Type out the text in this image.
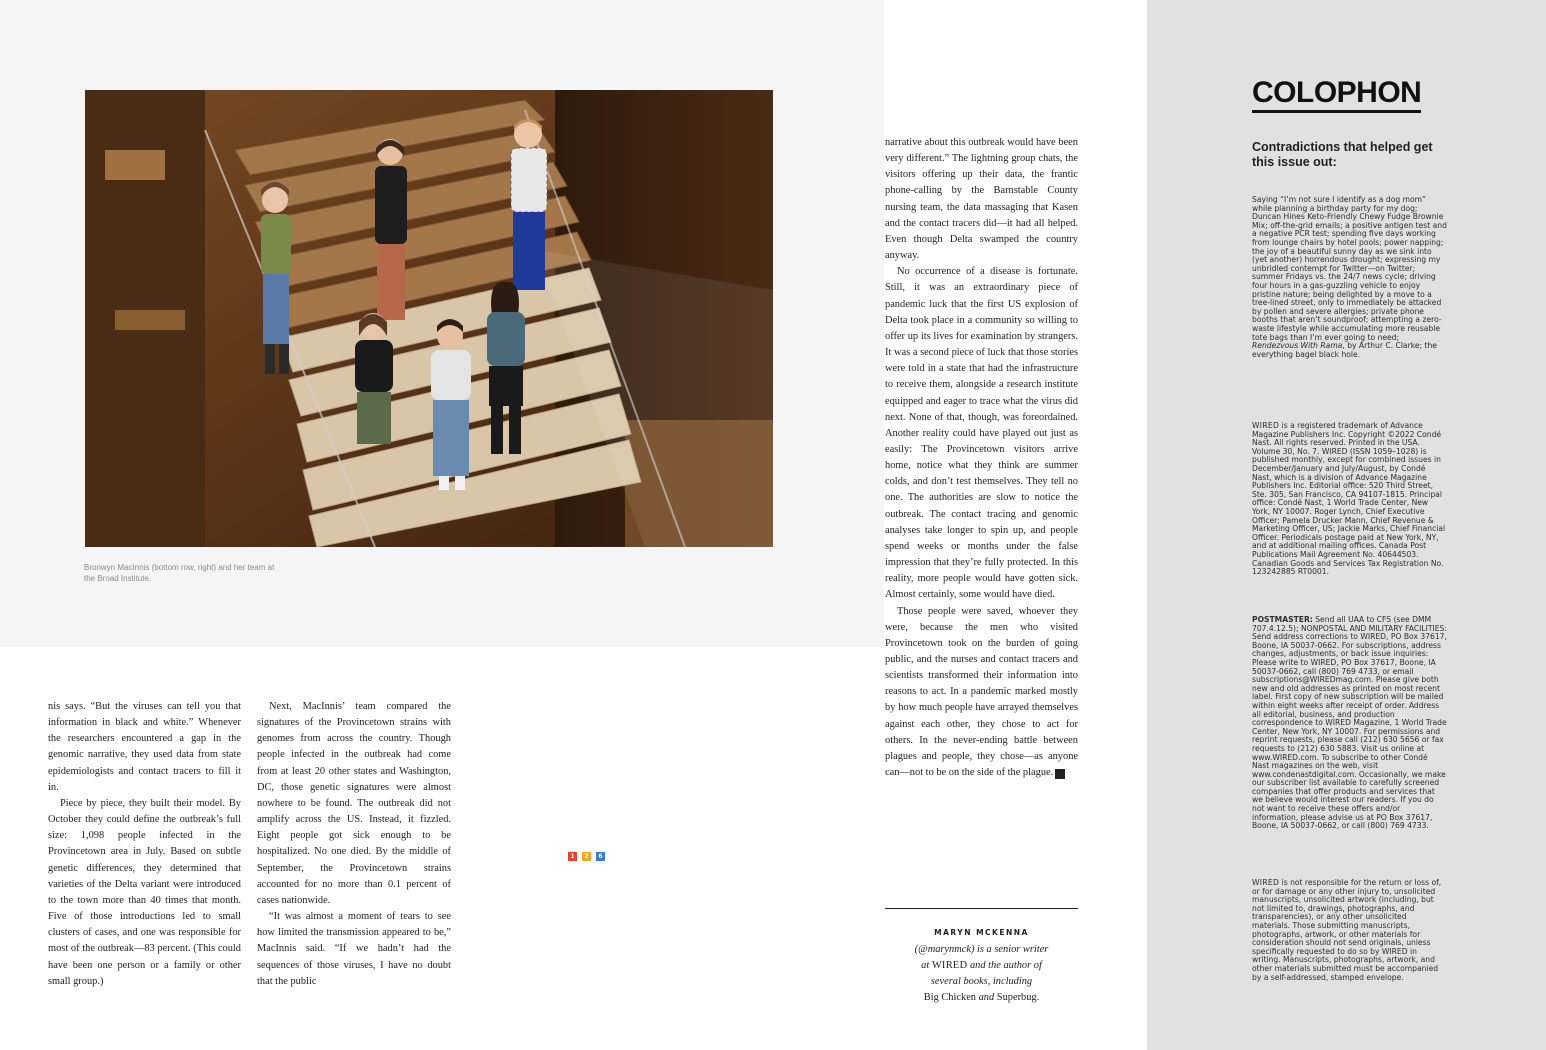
Bronwyn MacInnis (bottom row, right) and her team at the Broad Institute.

nis says. “But the viruses can tell you that information in black and white.” Whenever the researchers encountered a gap in the genomic narrative, they used data from state epidemiologists and contact tracers to fill it in.

Piece by piece, they built their model. By October they could define the outbreak’s full size: 1,098 people infected in the Provincetown area in July. Based on subtle genetic differences, they determined that varieties of the Delta variant were introduced to the town more than 40 times that month. Five of those introductions led to small clusters of cases, and one was responsible for most of the outbreak—83 percent. (This could have been one person or a family or other small group.)

Next, MacInnis’ team compared the signatures of the Provincetown strains with genomes from across the country. Though people infected in the outbreak had come from at least 20 other states and Washington, DC, those genetic signatures were almost nowhere to be found. The outbreak did not amplify across the US. Instead, it fizzled. Eight people got sick enough to be hospitalized. No one died. By the middle of September, the Provincetown strains accounted for no more than 0.1 percent of cases nationwide.

“It was almost a moment of tears to see how limited the transmission appeared to be,” MacInnis said. “If we hadn’t had the sequences of those viruses, I have no doubt that the public

1	2	6

narrative about this outbreak would have been very different.” The lightning group chats, the visitors offering up their data, the frantic phone-calling by the Barnstable County nursing team, the data massaging that Kasen and the contact tracers did—it had all helped. Even though Delta swamped the country anyway.

No occurrence of a disease is fortunate. Still, it was an extraordinary piece of pandemic luck that the first US explosion of Delta took place in a community so willing to offer up its lives for examination by strangers. It was a second piece of luck that those stories were told in a state that had the infrastructure to receive them, alongside a research institute equipped and eager to trace what the virus did next. None of that, though, was foreordained. Another reality could have played out just as easily: The Provincetown visitors arrive home, notice what they think are summer colds, and don’t test themselves. They tell no one. The authorities are slow to notice the outbreak. The contact tracing and genomic analyses take longer to spin up, and people spend weeks or months under the false impression that they’re fully protected. In this reality, more people would have gotten sick. Almost certainly, some would have died.

Those people were saved, whoever they were, because the men who visited Provincetown took on the burden of going public, and the nurses and contact tracers and scientists transformed their information into reasons to act. In a pandemic marked mostly by how much people have arrayed themselves against each other, they chose to act for others. In the never-ending battle between plagues and people, they chose—as anyone can—not to be on the side of the plague. W

MARYN MCKENNA
(@marynmck) is a senior writer
at WIRED and the author of
several books, including
Big Chicken and Superbug.
COLOPHON
Contradictions that helped get this issue out:

Saying “I’m not sure I identify as a dog mom” while planning a birthday party for my dog; Duncan Hines Keto-Friendly Chewy Fudge Brownie Mix; off-the-grid emails; a positive antigen test and a negative PCR test; spending five days working from lounge chairs by hotel pools; power napping; the joy of a beautiful sunny day as we sink into (yet another) horrendous drought; expressing my unbridled contempt for Twitter—on Twitter; summer Fridays vs. the 24/7 news cycle; driving four hours in a gas-guzzling vehicle to enjoy pristine nature; being delighted by a move to a tree-lined street, only to immediately be attacked by pollen and severe allergies; private phone booths that aren’t soundproof; attempting a zero-waste lifestyle while accumulating more reusable tote bags than I’m ever going to need; Rendezvous With Rama, by Arthur C. Clarke; the everything bagel black hole.

WIRED is a registered trademark of Advance Magazine Publishers Inc. Copyright ©2022 Condé Nast. All rights reserved. Printed in the USA. Volume 30, No. 7. WIRED (ISSN 1059–1028) is published monthly, except for combined issues in December/January and July/August, by Condé Nast, which is a division of Advance Magazine Publishers Inc. Editorial office: 520 Third Street, Ste. 305, San Francisco, CA 94107-1815. Principal office: Condé Nast, 1 World Trade Center, New York, NY 10007. Roger Lynch, Chief Executive Officer; Pamela Drucker Mann, Chief Revenue & Marketing Officer, US; Jackie Marks, Chief Financial Officer. Periodicals postage paid at New York, NY, and at additional mailing offices. Canada Post Publications Mail Agreement No. 40644503. Canadian Goods and Services Tax Registration No. 123242885 RT0001.

POSTMASTER: Send all UAA to CFS (see DMM 707.4.12.5); NONPOSTAL AND MILITARY FACILITIES: Send address corrections to WIRED, PO Box 37617, Boone, IA 50037-0662. For subscriptions, address changes, adjustments, or back issue inquiries: Please write to WIRED, PO Box 37617, Boone, IA 50037-0662, call (800) 769 4733, or email subscriptions@WIREDmag.com. Please give both new and old addresses as printed on most recent label. First copy of new subscription will be mailed within eight weeks after receipt of order. Address all editorial, business, and production correspondence to WIRED Magazine, 1 World Trade Center, New York, NY 10007. For permissions and reprint requests, please call (212) 630 5656 or fax requests to (212) 630 5883. Visit us online at www.WIRED.com. To subscribe to other Condé Nast magazines on the web, visit www.condenastdigital.com. Occasionally, we make our subscriber list available to carefully screened companies that offer products and services that we believe would interest our readers. If you do not want to receive these offers and/or information, please advise us at PO Box 37617, Boone, IA 50037-0662, or call (800) 769 4733.

WIRED is not responsible for the return or loss of, or for damage or any other injury to, unsolicited manuscripts, unsolicited artwork (including, but not limited to, drawings, photographs, and transparencies), or any other unsolicited materials. Those submitting manuscripts, photographs, artwork, or other materials for consideration should not send originals, unless specifically requested to do so by WIRED in writing. Manuscripts, photographs, artwork, and other materials submitted must be accompanied by a self-addressed, stamped envelope.
